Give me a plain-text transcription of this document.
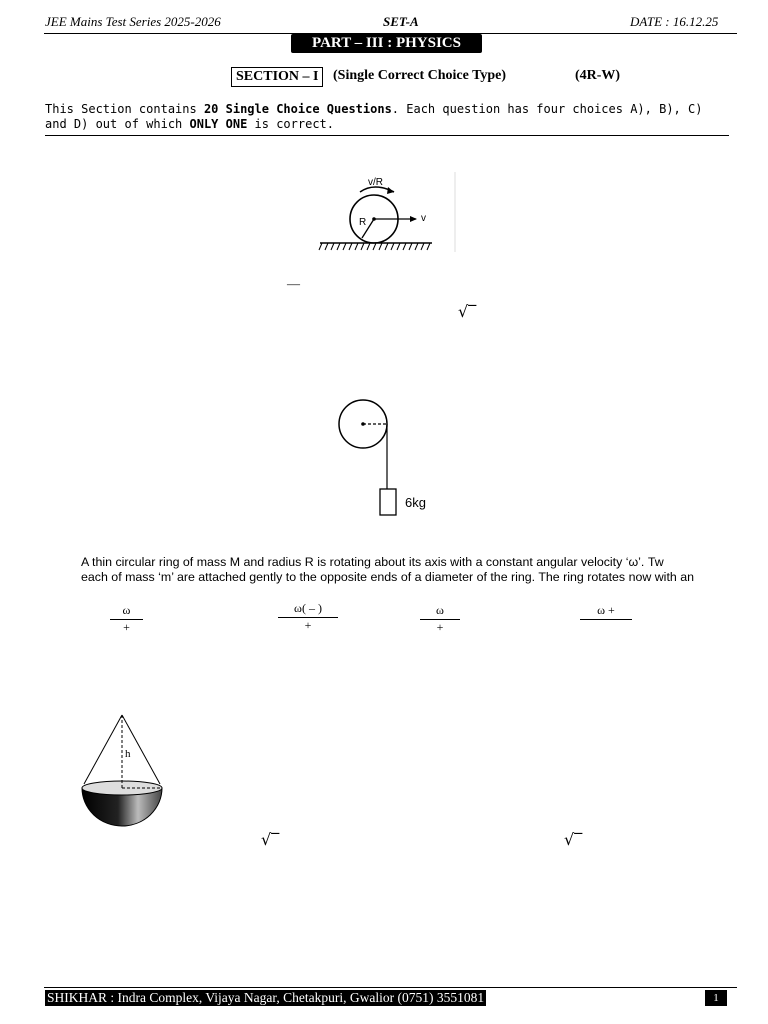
JEE Mains Test Series 2025-2026	SET-A	DATE : 16.12.25
PART – III : PHYSICS
SECTION – I	(Single Correct Choice Type)	(4R-W)
This Section contains 20 Single Choice Questions. Each question has four choices A), B), C) and D) out of which ONLY ONE is correct.
v/R
R	v
—
√‾
6kg
A thin circular ring of mass M and radius R is rotating about its axis with a constant angular velocity ‘ω’. Tw
each of mass ‘m’ are attached gently to the opposite ends of a diameter of the ring. The ring rotates now with an
ω
+
ω( – )
+
ω
+
ω +
h
√‾	√‾
SHIKHAR : Indra Complex, Vijaya Nagar, Chetakpuri, Gwalior (0751) 3551081	1
